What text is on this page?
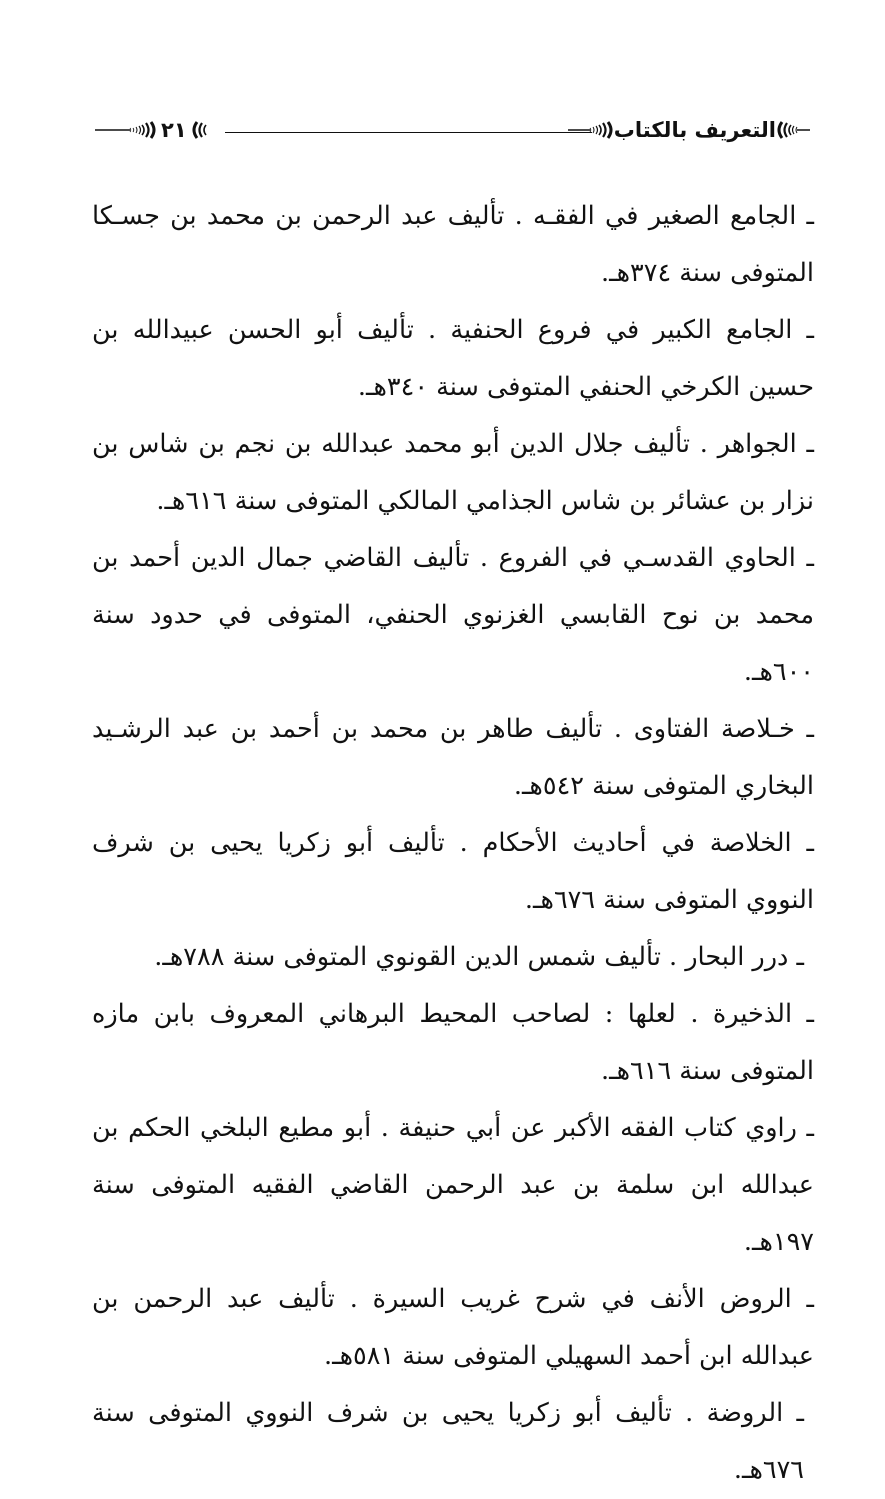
التعريف بالكتاب
٢١

ـ الجامع الصغير في الفقـه . تأليف عبد الرحمن بن محمد بن جسـكا المتوفى سنة ٣٧٤هـ.

ـ الجامع الكبير في فروع الحنفية . تأليف أبو الحسن عبيدالله بن حسين الكرخي الحنفي المتوفى سنة ٣٤٠هـ.

ـ الجواهر . تأليف جلال الدين أبو محمد عبدالله بن نجم بن شاس بن نزار بن عشائر بن شاس الجذامي المالكي المتوفى سنة ٦١٦هـ.

ـ الحاوي القدسـي في الفروع . تأليف القاضي جمال الدين أحمد بن محمد بن نوح القابسي الغزنوي الحنفي، المتوفى في حدود سنة ٦٠٠هـ.

ـ خـلاصة الفتاوى . تأليف طاهر بن محمد بن أحمد بن عبد الرشـيد البخاري المتوفى سنة ٥٤٢هـ.

ـ الخلاصة في أحاديث الأحكام . تأليف أبو زكريا يحيى بن شرف النووي المتوفى سنة ٦٧٦هـ.

ـ درر البحار . تأليف شمس الدين القونوي المتوفى سنة ٧٨٨هـ.

ـ الذخيرة . لعلها : لصاحب المحيط البرهاني المعروف بابن مازه المتوفى سنة ٦١٦هـ.

ـ راوي كتاب الفقه الأكبر عن أبي حنيفة . أبو مطيع البلخي الحكم بن عبدالله ابن سلمة بن عبد الرحمن القاضي الفقيه المتوفى سنة ١٩٧هـ.

ـ الروض الأنف في شرح غريب السيرة . تأليف عبد الرحمن بن عبدالله ابن أحمد السهيلي المتوفى سنة ٥٨١هـ.

ـ الروضة . تأليف أبو زكريا يحيى بن شرف النووي المتوفى سنة ٦٧٦هـ.
